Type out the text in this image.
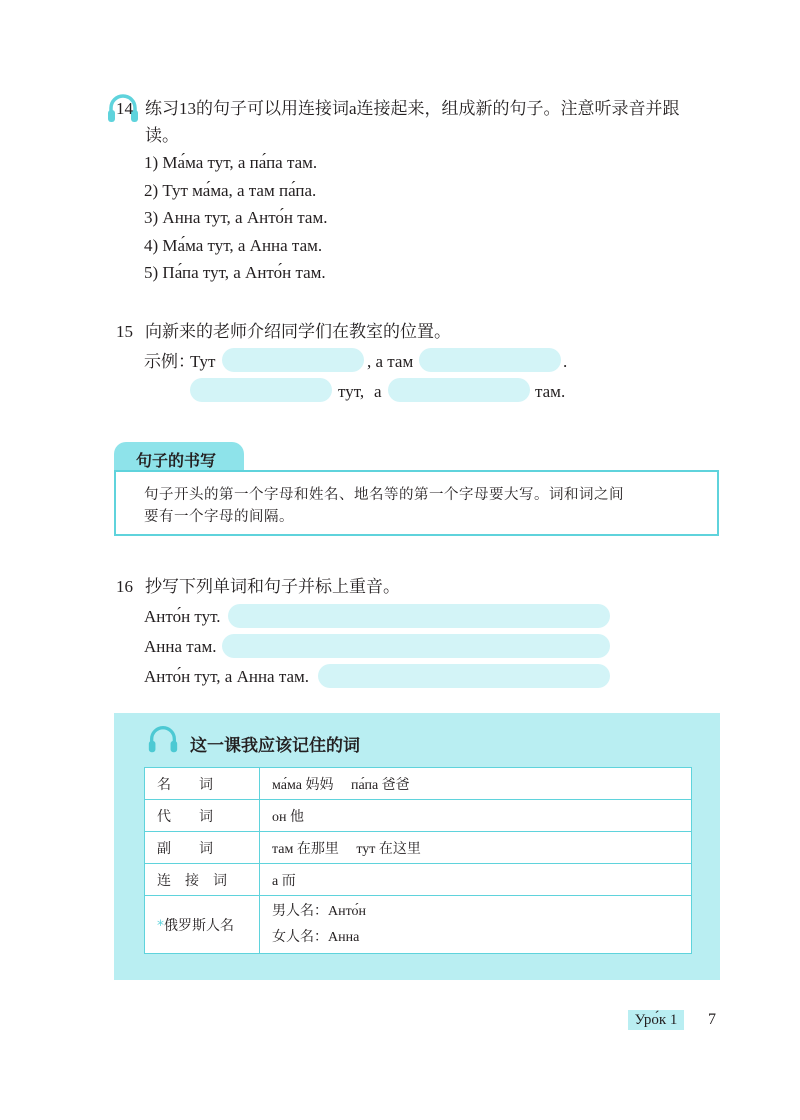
14 练习13的句子可以用连接词a连接起来，组成新的句子。注意听录音并跟
读。
1) Ма́ма тут, а па́па там.
2) Тут ма́ма, а там па́па.
3) Анна тут, а Анто́н там.
4) Ма́ма тут, а Анна там.
5) Па́па тут, а Анто́н там.
15 向新来的老师介绍同学们在教室的位置。
示例：
Тут	, а там	.
тут, а	там.
句子的书写
句子开头的第一个字母和姓名、地名等的第一个字母要大写。词和词之间
要有一个字母的间隔。
16 抄写下列单词和句子并标上重音。
Анто́н тут.
Анна там.
Анто́н тут, а Анна там.
这一课我应该记住的词
名　　词	ма́ма 妈妈　 па́па 爸爸
代　　词	он 他
副　　词	там 在那里　 тут 在这里
连　接　词	а 而
*俄罗斯人名	男人名：Анто́н
女人名：Анна
Уро́к 1	7
